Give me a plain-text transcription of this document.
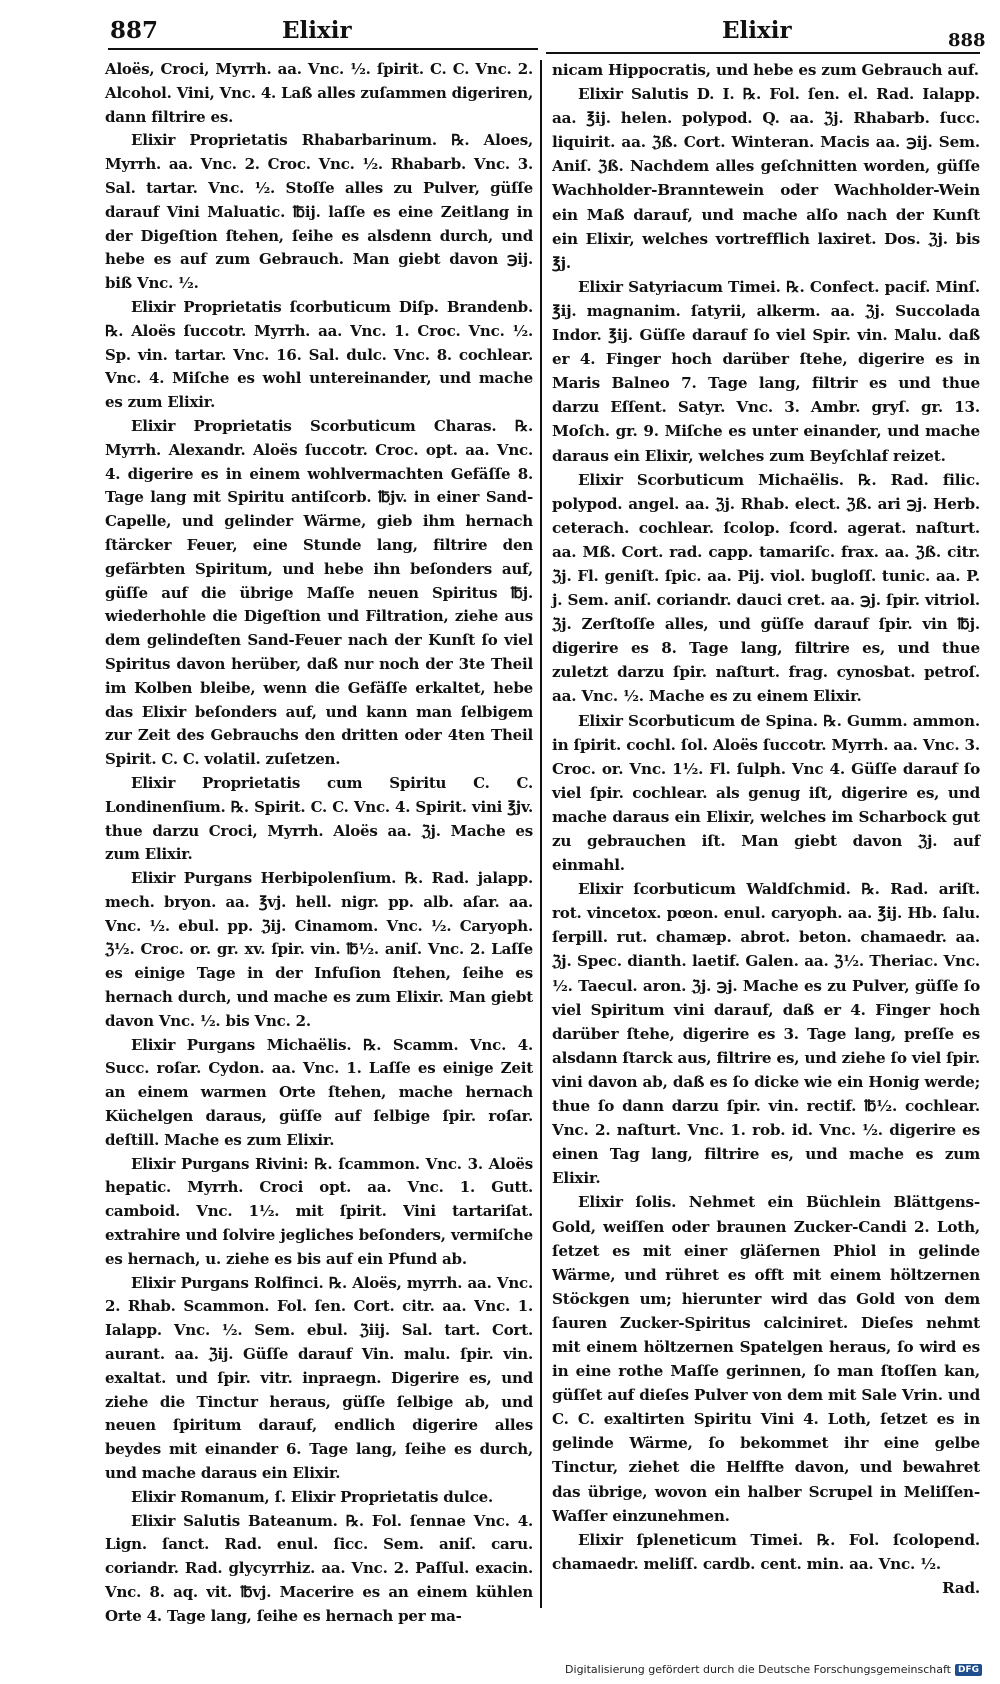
887	Elixir	Elixir	888

Aloës, Croci, Myrrh. aa. Vnc. ½. ſpirit. C. C. Vnc. 2. Alcohol. Vini, Vnc. 4. Laß alles zuſammen digeriren, dann filtrire es.

Elixir Proprietatis Rhabarbarinum. ℞. Aloes, Myrrh. aa. Vnc. 2. Croc. Vnc. ½. Rhabarb. Vnc. 3. Sal. tartar. Vnc. ½. Stoſſe alles zu Pulver, güſſe darauf Vini Maluatic. ℔ij. laſſe es eine Zeitlang in der Digeſtion ſtehen, ſeihe es alsdenn durch, und hebe es auf zum Gebrauch. Man giebt davon ℈ij. biß Vnc. ½.

Elixir Proprietatis ſcorbuticum Diſp. Brandenb. ℞. Aloës ſuccotr. Myrrh. aa. Vnc. 1. Croc. Vnc. ½. Sp. vin. tartar. Vnc. 16. Sal. dulc. Vnc. 8. cochlear. Vnc. 4. Miſche es wohl untereinander, und mache es zum Elixir.

Elixir Proprietatis Scorbuticum Charas. ℞. Myrrh. Alexandr. Aloës ſuccotr. Croc. opt. aa. Vnc. 4. digerire es in einem wohlvermachten Gefäſſe 8. Tage lang mit Spiritu antiſcorb. ℔jv. in einer Sand-Capelle, und gelinder Wärme, gieb ihm hernach ſtärcker Feuer, eine Stunde lang, filtrire den gefärbten Spiritum, und hebe ihn beſonders auf, güſſe auf die übrige Maſſe neuen Spiritus ℔j. wiederhohle die Digeſtion und Filtration, ziehe aus dem gelindeſten Sand-Feuer nach der Kunſt ſo viel Spiritus davon herüber, daß nur noch der 3te Theil im Kolben bleibe, wenn die Gefäſſe erkaltet, hebe das Elixir beſonders auf, und kann man ſelbigem zur Zeit des Gebrauchs den dritten oder 4ten Theil Spirit. C. C. volatil. zuſetzen.

Elixir Proprietatis cum Spiritu C. C. Londinenſium. ℞. Spirit. C. C. Vnc. 4. Spirit. vini ℥jv. thue darzu Croci, Myrrh. Aloës aa. ℨj. Mache es zum Elixir.

Elixir Purgans Herbipolenſium. ℞. Rad. jalapp. mech. bryon. aa. ℥vj. hell. nigr. pp. alb. aſar. aa. Vnc. ½. ebul. pp. ℨij. Cinamom. Vnc. ½. Caryoph. ℨ½. Croc. or. gr. xv. ſpir. vin. ℔½. aniſ. Vnc. 2. Laſſe es einige Tage in der Infuſion ſtehen, ſeihe es hernach durch, und mache es zum Elixir. Man giebt davon Vnc. ½. bis Vnc. 2.

Elixir Purgans Michaëlis. ℞. Scamm. Vnc. 4. Succ. roſar. Cydon. aa. Vnc. 1. Laſſe es einige Zeit an einem warmen Orte ſtehen, mache hernach Küchelgen daraus, güſſe auf ſelbige ſpir. roſar. deſtill. Mache es zum Elixir.

Elixir Purgans Rivini: ℞. ſcammon. Vnc. 3. Aloës hepatic. Myrrh. Croci opt. aa. Vnc. 1. Gutt. camboid. Vnc. 1½. mit ſpirit. Vini tartariſat. extrahire und ſolvire jegliches beſonders, vermiſche es hernach, u. ziehe es bis auf ein Pfund ab.

Elixir Purgans Rolfinci. ℞. Aloës, myrrh. aa. Vnc. 2. Rhab. Scammon. Fol. ſen. Cort. citr. aa. Vnc. 1. Ialapp. Vnc. ½. Sem. ebul. ℨiij. Sal. tart. Cort. aurant. aa. ℨij. Güſſe darauf Vin. malu. ſpir. vin. exaltat. und ſpir. vitr. inpraegn. Digerire es, und ziehe die Tinctur heraus, güſſe ſelbige ab, und neuen ſpiritum darauf, endlich digerire alles beydes mit einander 6. Tage lang, ſeihe es durch, und mache daraus ein Elixir.

Elixir Romanum, ſ. Elixir Proprietatis dulce.

Elixir Salutis Bateanum. ℞. Fol. ſennae Vnc. 4. Lign. ſanct. Rad. enul. ſicc. Sem. aniſ. caru. coriandr. Rad. glycyrrhiz. aa. Vnc. 2. Paſſul. exacin. Vnc. 8. aq. vit. ℔vj. Macerire es an einem kühlen Orte 4. Tage lang, ſeihe es hernach per ma-

nicam Hippocratis, und hebe es zum Gebrauch auf.

Elixir Salutis D. I. ℞. Fol. ſen. el. Rad. Ialapp. aa. ℥ij. helen. polypod. Q. aa. ℨj. Rhabarb. ſucc. liquirit. aa. ℨß. Cort. Winteran. Macis aa. ℈ij. Sem. Aniſ. ℨß. Nachdem alles geſchnitten worden, güſſe Wachholder-Branntewein oder Wachholder-Wein ein Maß darauf, und mache alſo nach der Kunſt ein Elixir, welches vortrefflich laxiret. Dos. ℨj. bis ℥j.

Elixir Satyriacum Timei. ℞. Confect. pacif. Minſ. ℥ij. magnanim. ſatyrii, alkerm. aa. ℨj. Succolada Indor. ℥ij. Güſſe darauf ſo viel Spir. vin. Malu. daß er 4. Finger hoch darüber ſtehe, digerire es in Maris Balneo 7. Tage lang, filtrir es und thue darzu Eſſent. Satyr. Vnc. 3. Ambr. gryſ. gr. 13. Moſch. gr. 9. Miſche es unter einander, und mache daraus ein Elixir, welches zum Beyſchlaf reizet.

Elixir Scorbuticum Michaëlis. ℞. Rad. filic. polypod. angel. aa. ℨj. Rhab. elect. ℨß. ari ℈j. Herb. ceterach. cochlear. ſcolop. ſcord. agerat. naſturt. aa. Mß. Cort. rad. capp. tamariſc. frax. aa. ℨß. citr. ℨj. Fl. geniſt. ſpic. aa. Pij. viol. bugloſſ. tunic. aa. P. j. Sem. aniſ. coriandr. dauci cret. aa. ℈j. ſpir. vitriol. ℨj. Zerſtoſſe alles, und güſſe darauf ſpir. vin ℔j. digerire es 8. Tage lang, filtrire es, und thue zuletzt darzu ſpir. naſturt. frag. cynosbat. petroſ. aa. Vnc. ½. Mache es zu einem Elixir.

Elixir Scorbuticum de Spina. ℞. Gumm. ammon. in ſpirit. cochl. ſol. Aloës ſuccotr. Myrrh. aa. Vnc. 3. Croc. or. Vnc. 1½. Fl. ſulph. Vnc 4. Güſſe darauf ſo viel ſpir. cochlear. als genug iſt, digerire es, und mache daraus ein Elixir, welches im Scharbock gut zu gebrauchen iſt. Man giebt davon ℨj. auf einmahl.

Elixir ſcorbuticum Waldſchmid. ℞. Rad. ariſt. rot. vincetox. pœon. enul. caryoph. aa. ℥ij. Hb. ſalu. ſerpill. rut. chamæp. abrot. beton. chamaedr. aa. ℨj. Spec. dianth. laetif. Galen. aa. ℨ½. Theriac. Vnc. ½. Taecul. aron. ℨj. ℈j. Mache es zu Pulver, güſſe ſo viel Spiritum vini darauf, daß er 4. Finger hoch darüber ſtehe, digerire es 3. Tage lang, preſſe es alsdann ſtarck aus, filtrire es, und ziehe ſo viel ſpir. vini davon ab, daß es ſo dicke wie ein Honig werde; thue ſo dann darzu ſpir. vin. rectif. ℔½. cochlear. Vnc. 2. naſturt. Vnc. 1. rob. id. Vnc. ½. digerire es einen Tag lang, filtrire es, und mache es zum Elixir.

Elixir ſolis. Nehmet ein Büchlein Blättgens-Gold, weiſſen oder braunen Zucker-Candi 2. Loth, ſetzet es mit einer gläſernen Phiol in gelinde Wärme, und rühret es offt mit einem höltzernen Stöckgen um; hierunter wird das Gold von dem ſauren Zucker-Spiritus calciniret. Dieſes nehmt mit einem höltzernen Spatelgen heraus, ſo wird es in eine rothe Maſſe gerinnen, ſo man ſtoſſen kan, güſſet auf dieſes Pulver von dem mit Sale Vrin. und C. C. exaltirten Spiritu Vini 4. Loth, ſetzet es in gelinde Wärme, ſo bekommet ihr eine gelbe Tinctur, ziehet die Helffte davon, und bewahret das übrige, wovon ein halber Scrupel in Meliſſen-Waſſer einzunehmen.

Elixir ſpleneticum Timei. ℞. Fol. ſcolopend. chamaedr. meliſſ. cardb. cent. min. aa. Vnc. ½.

Rad.
Digitalisierung gefördert durch die Deutsche Forschungsgemeinschaft DFG
